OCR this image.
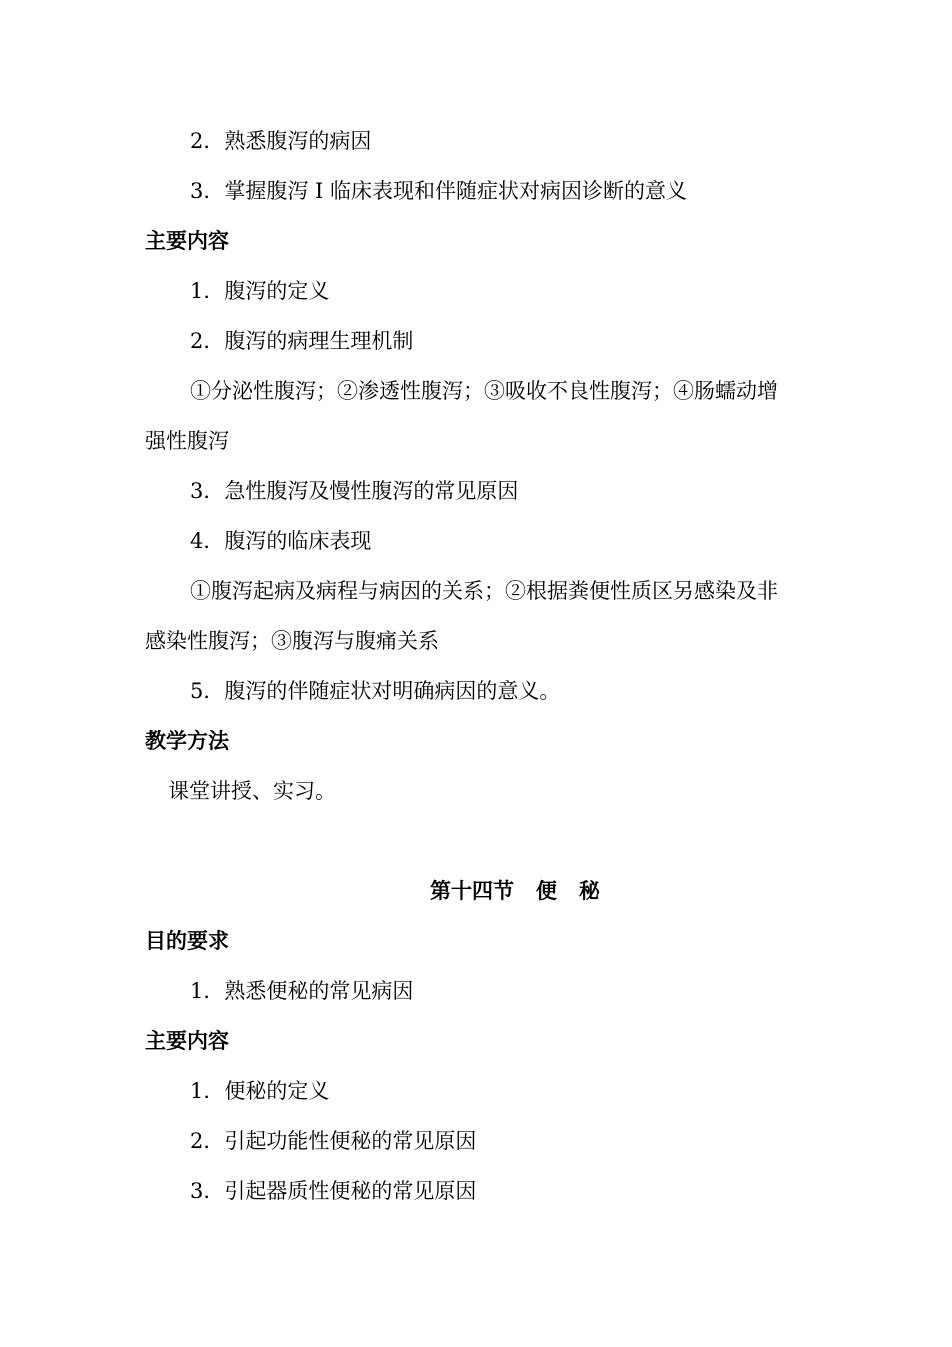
2．熟悉腹泻的病因
3．掌握腹泻 I 临床表现和伴随症状对病因诊断的意义
主要内容
1．腹泻的定义
2．腹泻的病理生理机制
①分泌性腹泻；②渗透性腹泻；③吸收不良性腹泻；④肠蠕动增
强性腹泻
3．急性腹泻及慢性腹泻的常见原因
4．腹泻的临床表现
①腹泻起病及病程与病因的关系；②根据粪便性质区另感染及非
感染性腹泻；③腹泻与腹痛关系
5．腹泻的伴随症状对明确病因的意义。
教学方法
课堂讲授、实习。
第十四节   便   秘
目的要求
1．熟悉便秘的常见病因
主要内容
1．便秘的定义
2．引起功能性便秘的常见原因
3．引起器质性便秘的常见原因
